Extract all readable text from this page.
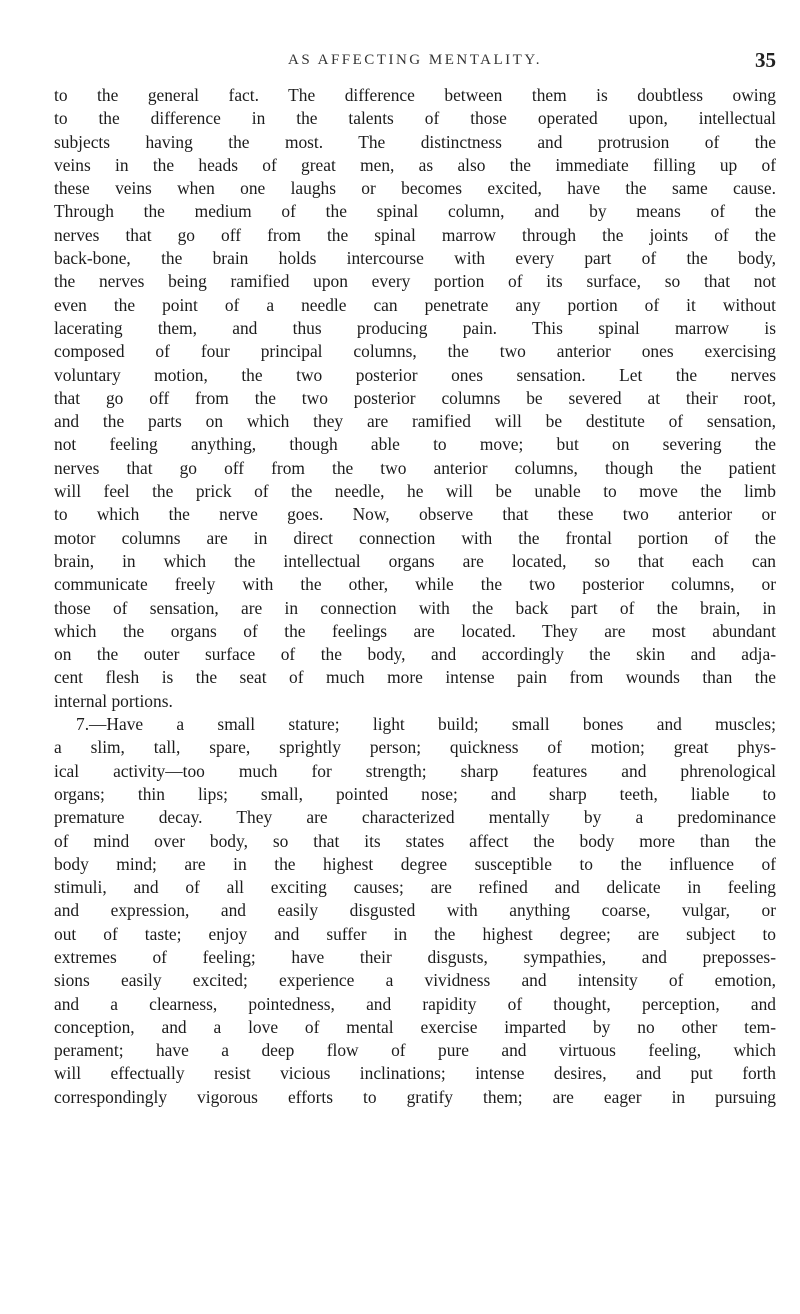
AS AFFECTING MENTALITY.	35
to the general fact. The difference between them is doubtless owing
to the difference in the talents of those operated upon, intellectual
subjects having the most. The distinctness and protrusion of the
veins in the heads of great men, as also the immediate filling up of
these veins when one laughs or becomes excited, have the same cause.
Through the medium of the spinal column, and by means of the
nerves that go off from the spinal marrow through the joints of the
back-bone, the brain holds intercourse with every part of the body,
the nerves being ramified upon every portion of its surface, so that not
even the point of a needle can penetrate any portion of it without
lacerating them, and thus producing pain. This spinal marrow is
composed of four principal columns, the two anterior ones exercising
voluntary motion, the two posterior ones sensation. Let the nerves
that go off from the two posterior columns be severed at their root,
and the parts on which they are ramified will be destitute of sensation,
not feeling anything, though able to move; but on severing the
nerves that go off from the two anterior columns, though the patient
will feel the prick of the needle, he will be unable to move the limb
to which the nerve goes. Now, observe that these two anterior or
motor columns are in direct connection with the frontal portion of the
brain, in which the intellectual organs are located, so that each can
communicate freely with the other, while the two posterior columns, or
those of sensation, are in connection with the back part of the brain, in
which the organs of the feelings are located. They are most abundant
on the outer surface of the body, and accordingly the skin and adja-
cent flesh is the seat of much more intense pain from wounds than the
internal portions.
7.—Have a small stature; light build; small bones and muscles;
a slim, tall, spare, sprightly person; quickness of motion; great phys-
ical activity—too much for strength; sharp features and phrenological
organs; thin lips; small, pointed nose; and sharp teeth, liable to
premature decay. They are characterized mentally by a predominance
of mind over body, so that its states affect the body more than the
body mind; are in the highest degree susceptible to the influence of
stimuli, and of all exciting causes; are refined and delicate in feeling
and expression, and easily disgusted with anything coarse, vulgar, or
out of taste; enjoy and suffer in the highest degree; are subject to
extremes of feeling; have their disgusts, sympathies, and preposses-
sions easily excited; experience a vividness and intensity of emotion,
and a clearness, pointedness, and rapidity of thought, perception, and
conception, and a love of mental exercise imparted by no other tem-
perament; have a deep flow of pure and virtuous feeling, which
will effectually resist vicious inclinations; intense desires, and put forth
correspondingly vigorous efforts to gratify them; are eager in pursuing
